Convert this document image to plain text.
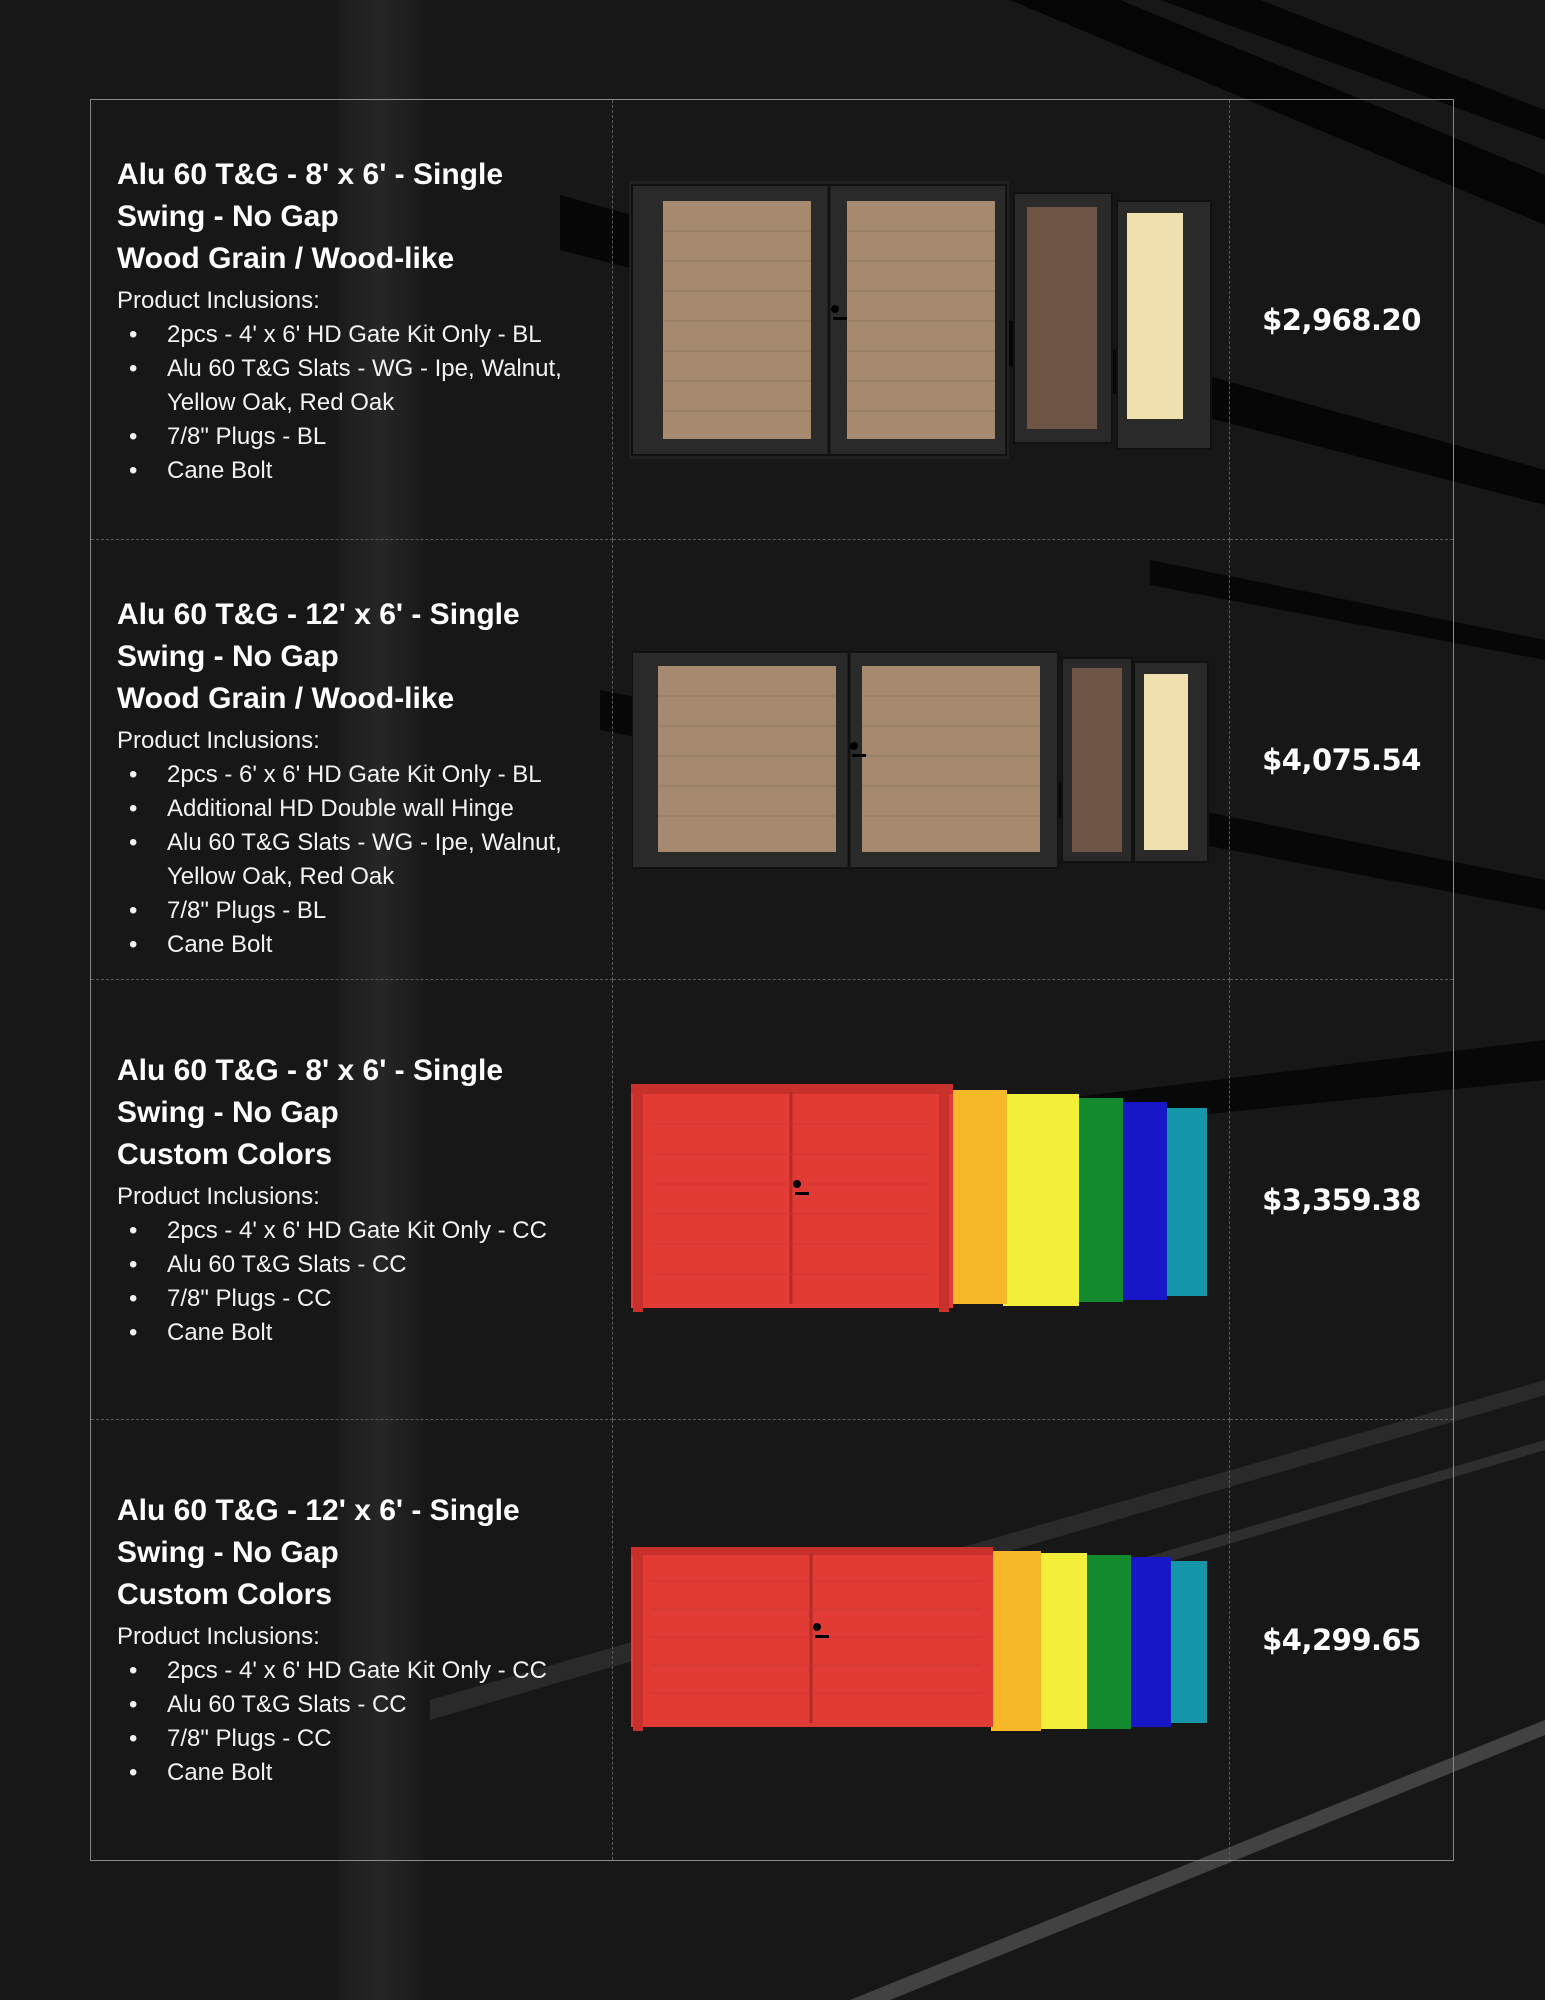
Alu 60 T&G - 8' x 6' - Single
Swing - No Gap
Wood Grain / Wood-like
Product Inclusions:
• 2pcs - 4' x 6' HD Gate Kit Only - BL
• Alu 60 T&G Slats - WG - Ipe, Walnut, Yellow Oak, Red Oak
• 7/8" Plugs - BL
• Cane Bolt
$2,968.20
Alu 60 T&G - 12' x 6' - Single
Swing - No Gap
Wood Grain / Wood-like
Product Inclusions:
• 2pcs - 6' x 6' HD Gate Kit Only - BL
• Additional HD Double wall Hinge
• Alu 60 T&G Slats - WG - Ipe, Walnut, Yellow Oak, Red Oak
• 7/8" Plugs - BL
• Cane Bolt
$4,075.54
Alu 60 T&G - 8' x 6' - Single
Swing - No Gap
Custom Colors
Product Inclusions:
• 2pcs - 4' x 6' HD Gate Kit Only - CC
• Alu 60 T&G Slats - CC
• 7/8" Plugs - CC
• Cane Bolt
$3,359.38
Alu 60 T&G - 12' x 6' - Single
Swing - No Gap
Custom Colors
Product Inclusions:
• 2pcs - 4' x 6' HD Gate Kit Only - CC
• Alu 60 T&G Slats - CC
• 7/8" Plugs - CC
• Cane Bolt
$4,299.65
